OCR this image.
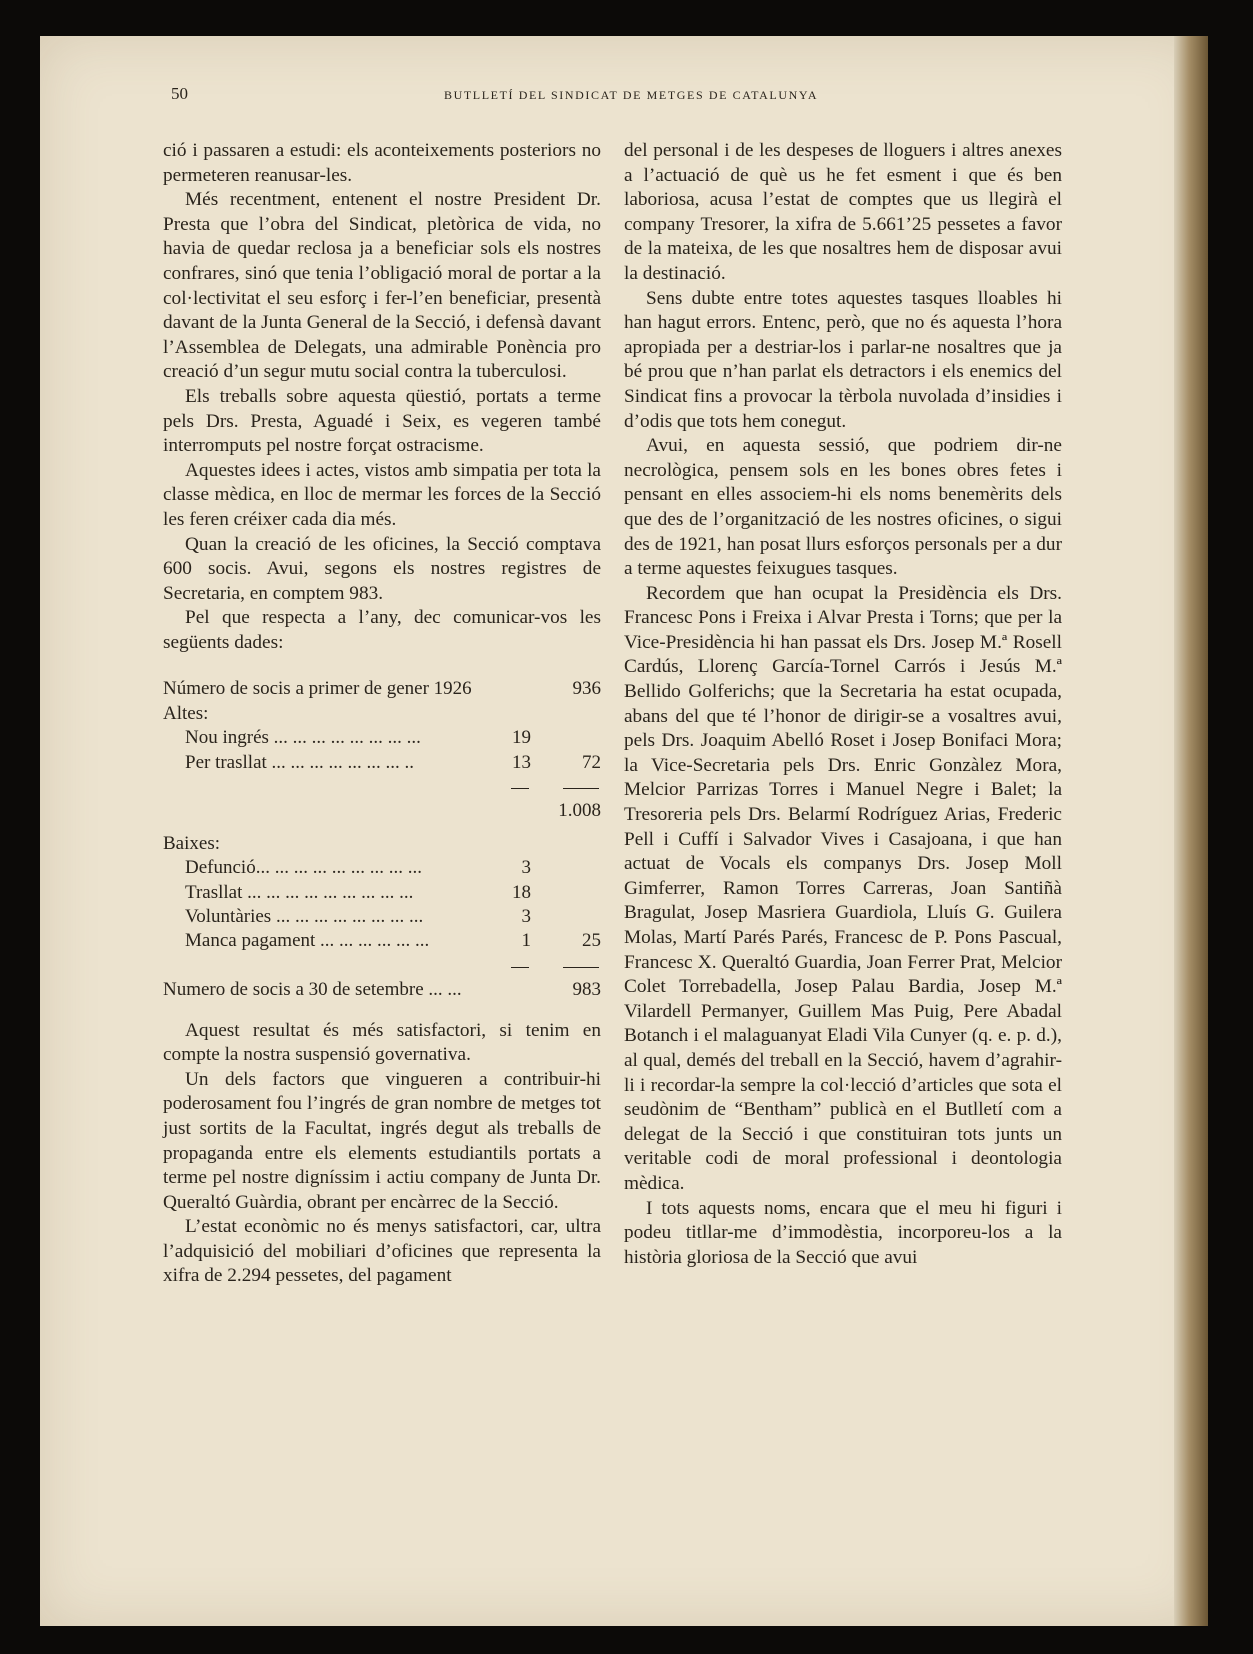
50	BUTLLETÍ DEL SINDICAT DE METGES DE CATALUNYA

ció i passaren a estudi: els aconteixements posteriors no permeteren reanusar-les.

Més recentment, entenent el nostre President Dr. Presta que l’obra del Sindicat, pletòrica de vida, no havia de quedar reclosa ja a beneficiar sols els nostres confrares, sinó que tenia l’obligació moral de portar a la col·lectivitat el seu esforç i fer-l’en beneficiar, presentà davant de la Junta General de la Secció, i defensà davant l’Assemblea de Delegats, una admirable Ponència pro creació d’un segur mutu social contra la tuberculosi.

Els treballs sobre aquesta qüestió, portats a terme pels Drs. Presta, Aguadé i Seix, es vegeren també interromputs pel nostre forçat ostracisme.

Aquestes idees i actes, vistos amb simpatia per tota la classe mèdica, en lloc de mermar les forces de la Secció les feren créixer cada dia més.

Quan la creació de les oficines, la Secció comptava 600 socis. Avui, segons els nostres registres de Secretaria, en comptem 983.

Pel que respecta a l’any, dec comunicar-vos les següents dades:

Número de socis a primer de gener 1926	936
Altes:
Nou ingrés ... ... ... ... ... ... ... ...	19
Per trasllat ... ... ... ... ... ... ... ..	13	72
1.008
Baixes:
Defunció... ... ... ... ... ... ... ... ...	3
Trasllat ... ... ... ... ... ... ... ... ...	18
Voluntàries ... ... ... ... ... ... ... ...	3
Manca pagament ... ... ... ... ... ...	1	25
Numero de socis a 30 de setembre ... ...	983

Aquest resultat és més satisfactori, si tenim en compte la nostra suspensió governativa.

Un dels factors que vingueren a contribuir-hi poderosament fou l’ingrés de gran nombre de metges tot just sortits de la Facultat, ingrés degut als treballs de propaganda entre els elements estudiantils portats a terme pel nostre digníssim i actiu company de Junta Dr. Queraltó Guàrdia, obrant per encàrrec de la Secció.

L’estat econòmic no és menys satisfactori, car, ultra l’adquisició del mobiliari d’oficines que representa la xifra de 2.294 pessetes, del pagament

del personal i de les despeses de lloguers i altres anexes a l’actuació de què us he fet esment i que és ben laboriosa, acusa l’estat de comptes que us llegirà el company Tresorer, la xifra de 5.661’25 pessetes a favor de la mateixa, de les que nosaltres hem de disposar avui la destinació.

Sens dubte entre totes aquestes tasques lloables hi han hagut errors. Entenc, però, que no és aquesta l’hora apropiada per a destriar-los i parlar-ne nosaltres que ja bé prou que n’han parlat els detractors i els enemics del Sindicat fins a provocar la tèrbola nuvolada d’insidies i d’odis que tots hem conegut.

Avui, en aquesta sessió, que podriem dir-ne necrològica, pensem sols en les bones obres fetes i pensant en elles associem-hi els noms benemèrits dels que des de l’organització de les nostres oficines, o sigui des de 1921, han posat llurs esforços personals per a dur a terme aquestes feixugues tasques.

Recordem que han ocupat la Presidència els Drs. Francesc Pons i Freixa i Alvar Presta i Torns; que per la Vice-Presidència hi han passat els Drs. Josep M.ª Rosell Cardús, Llorenç García-Tornel Carrós i Jesús M.ª Bellido Golferichs; que la Secretaria ha estat ocupada, abans del que té l’honor de dirigir-se a vosaltres avui, pels Drs. Joaquim Abelló Roset i Josep Bonifaci Mora; la Vice-Secretaria pels Drs. Enric Gonzàlez Mora, Melcior Parrizas Torres i Manuel Negre i Balet; la Tresoreria pels Drs. Belarmí Rodríguez Arias, Frederic Pell i Cuffí i Salvador Vives i Casajoana, i que han actuat de Vocals els companys Drs. Josep Moll Gimferrer, Ramon Torres Carreras, Joan Santiñà Bragulat, Josep Masriera Guardiola, Lluís G. Guilera Molas, Martí Parés Parés, Francesc de P. Pons Pascual, Francesc X. Queraltó Guardia, Joan Ferrer Prat, Melcior Colet Torrebadella, Josep Palau Bardia, Josep M.ª Vilardell Permanyer, Guillem Mas Puig, Pere Abadal Botanch i el malaguanyat Eladi Vila Cunyer (q. e. p. d.), al qual, demés del treball en la Secció, havem d’agrahir-li i recordar-la sempre la col·lecció d’articles que sota el seudònim de “Bentham” publicà en el Butlletí com a delegat de la Secció i que constituiran tots junts un veritable codi de moral professional i deontologia mèdica.

I tots aquests noms, encara que el meu hi figuri i podeu titllar-me d’immodèstia, incorporeu-los a la història gloriosa de la Secció que avui
